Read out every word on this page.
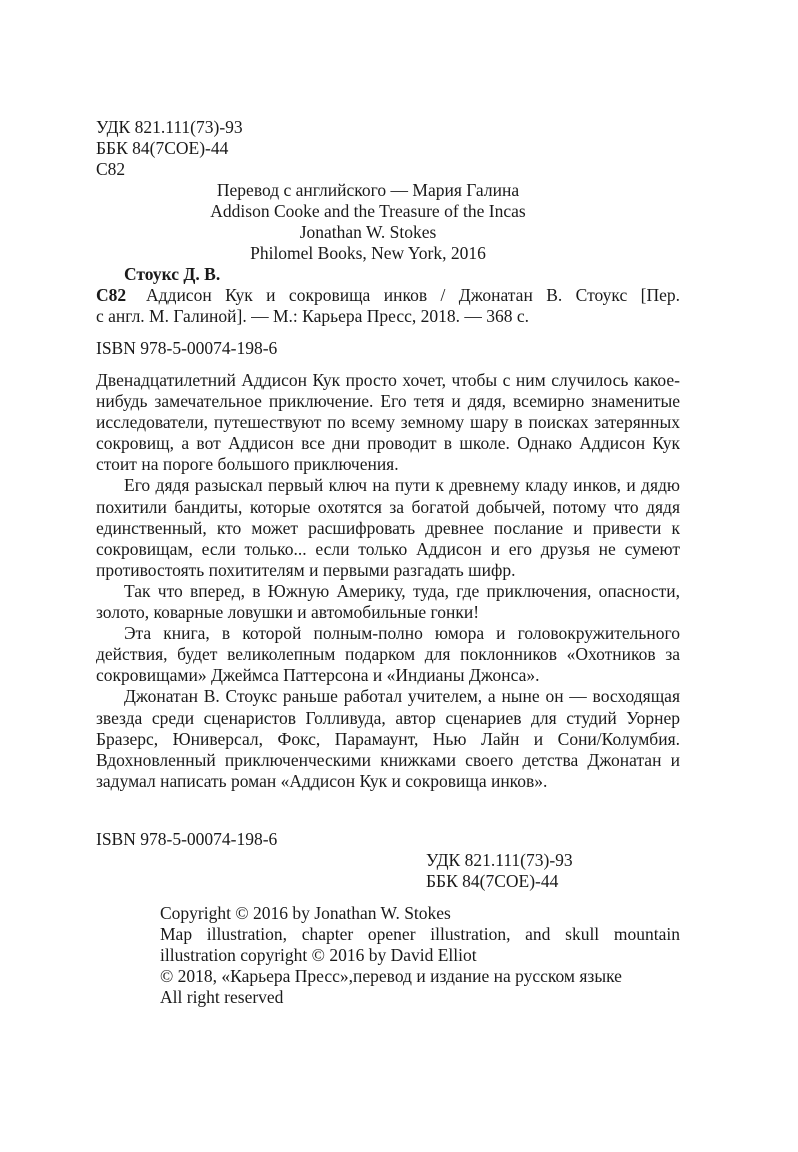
УДК 821.111(73)-93
ББК 84(7СОЕ)-44
С82
Перевод с английского — Мария Галина
Addison Cooke and the Treasure of the Incas
Jonathan W. Stokes
Philomel Books, New York, 2016
Стоукс Д. В.
С82 Аддисон Кук и сокровища инков / Джонатан В. Стоукс [Пер.
с англ. М. Галиной]. — М.: Карьера Пресс, 2018. — 368 с.
ISBN 978-5-00074-198-6

Двенадцатилетний Аддисон Кук просто хочет, чтобы с ним случилось какое-нибудь замечательное приключение. Его тетя и дядя, всемирно знаменитые исследователи, путешествуют по всему земному шару в поисках затерянных сокровищ, а вот Аддисон все дни проводит в школе. Однако Аддисон Кук стоит на пороге большого приключения.

Его дядя разыскал первый ключ на пути к древнему кладу инков, и дядю похитили бандиты, которые охотятся за богатой добычей, потому что дядя единственный, кто может расшифровать древнее послание и привести к сокровищам, если только... если только Аддисон и его друзья не сумеют противостоять похитителям и первыми разгадать шифр.

Так что вперед, в Южную Америку, туда, где приключения, опасности, золото, коварные ловушки и автомобильные гонки!

Эта книга, в которой полным-полно юмора и головокружительного действия, будет великолепным подарком для поклонников «Охотников за сокровищами» Джеймса Паттерсона и «Индианы Джонса».

Джонатан В. Стоукс раньше работал учителем, а ныне он — восходящая звезда среди сценаристов Голливуда, автор сценариев для студий Уорнер Бразерс, Юниверсал, Фокс, Парамаунт, Нью Лайн и Сони/Колумбия. Вдохновленный приключенческими книжками своего детства Джонатан и задумал написать роман «Аддисон Кук и сокровища инков».

ISBN 978-5-00074-198-6
УДК 821.111(73)-93
ББК 84(7СОЕ)-44
Copyright © 2016 by Jonathan W. Stokes
Map illustration, chapter opener illustration, and skull mountain illustration copyright © 2016 by David Elliot
© 2018, «Карьера Пресс»,перевод и издание на русском языке
All right reserved
